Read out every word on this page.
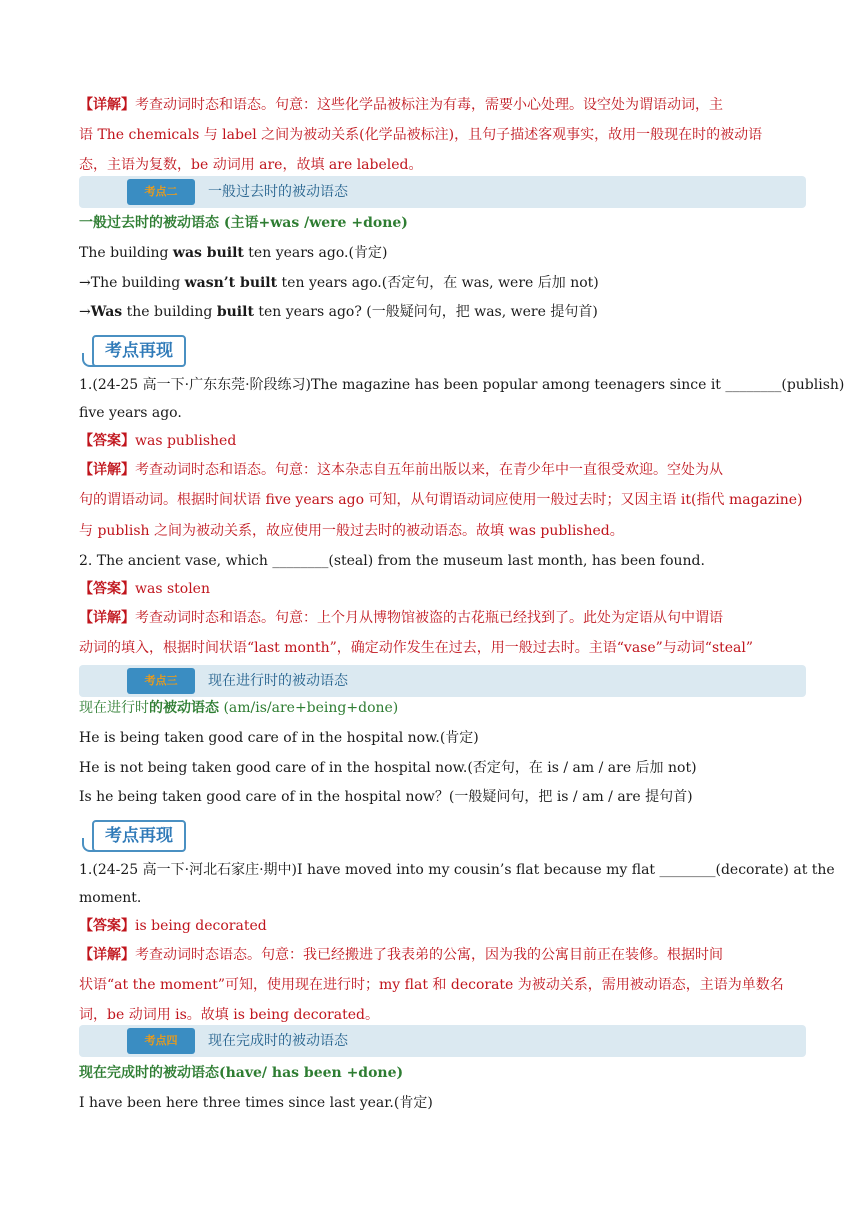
【详解】考查动词时态和语态。句意：这些化学品被标注为有毒，需要小心处理。设空处为谓语动词，主
语 The chemicals 与 label 之间为被动关系(化学品被标注)，且句子描述客观事实，故用一般现在时的被动语
态，主语为复数，be 动词用 are，故填 are labeled。
考点二	一般过去时的被动语态
一般过去时的被动语态 (主语+was /were +done)
The building was built ten years ago.(肯定)
→The building wasn’t built ten years ago.(否定句，在 was, were 后加 not)
→Was the building built ten years ago? (一般疑问句，把 was, were 提句首)
考点再现
1.(24-25 高一下·广东东莞·阶段练习)The magazine has been popular among teenagers since it ________(publish)
five years ago.
【答案】was published
【详解】考查动词时态和语态。句意：这本杂志自五年前出版以来，在青少年中一直很受欢迎。空处为从
句的谓语动词。根据时间状语 five years ago 可知，从句谓语动词应使用一般过去时；又因主语 it(指代 magazine)
与 publish 之间为被动关系，故应使用一般过去时的被动语态。故填 was published。
2. The ancient vase, which ________(steal) from the museum last month, has been found.
【答案】was stolen
【详解】考查动词时态和语态。句意：上个月从博物馆被盗的古花瓶已经找到了。此处为定语从句中谓语
动词的填入，根据时间状语“last month”，确定动作发生在过去，用一般过去时。主语“vase”与动词“steal”
考点三	现在进行时的被动语态
现在进行时的被动语态 (am/is/are+being+done)
He is being taken good care of in the hospital now.(肯定)
He is not being taken good care of in the hospital now.(否定句，在 is / am / are 后加 not)
Is he being taken good care of in the hospital now？(一般疑问句，把 is / am / are 提句首)
考点再现
1.(24-25 高一下·河北石家庄·期中)I have moved into my cousin’s flat because my flat ________(decorate) at the
moment.
【答案】is being decorated
【详解】考查动词时态语态。句意：我已经搬进了我表弟的公寓，因为我的公寓目前正在装修。根据时间
状语“at the moment”可知，使用现在进行时；my flat 和 decorate 为被动关系，需用被动语态，主语为单数名
词，be 动词用 is。故填 is being decorated。
考点四	现在完成时的被动语态
现在完成时的被动语态(have/ has been +done)
I have been here three times since last year.(肯定)
